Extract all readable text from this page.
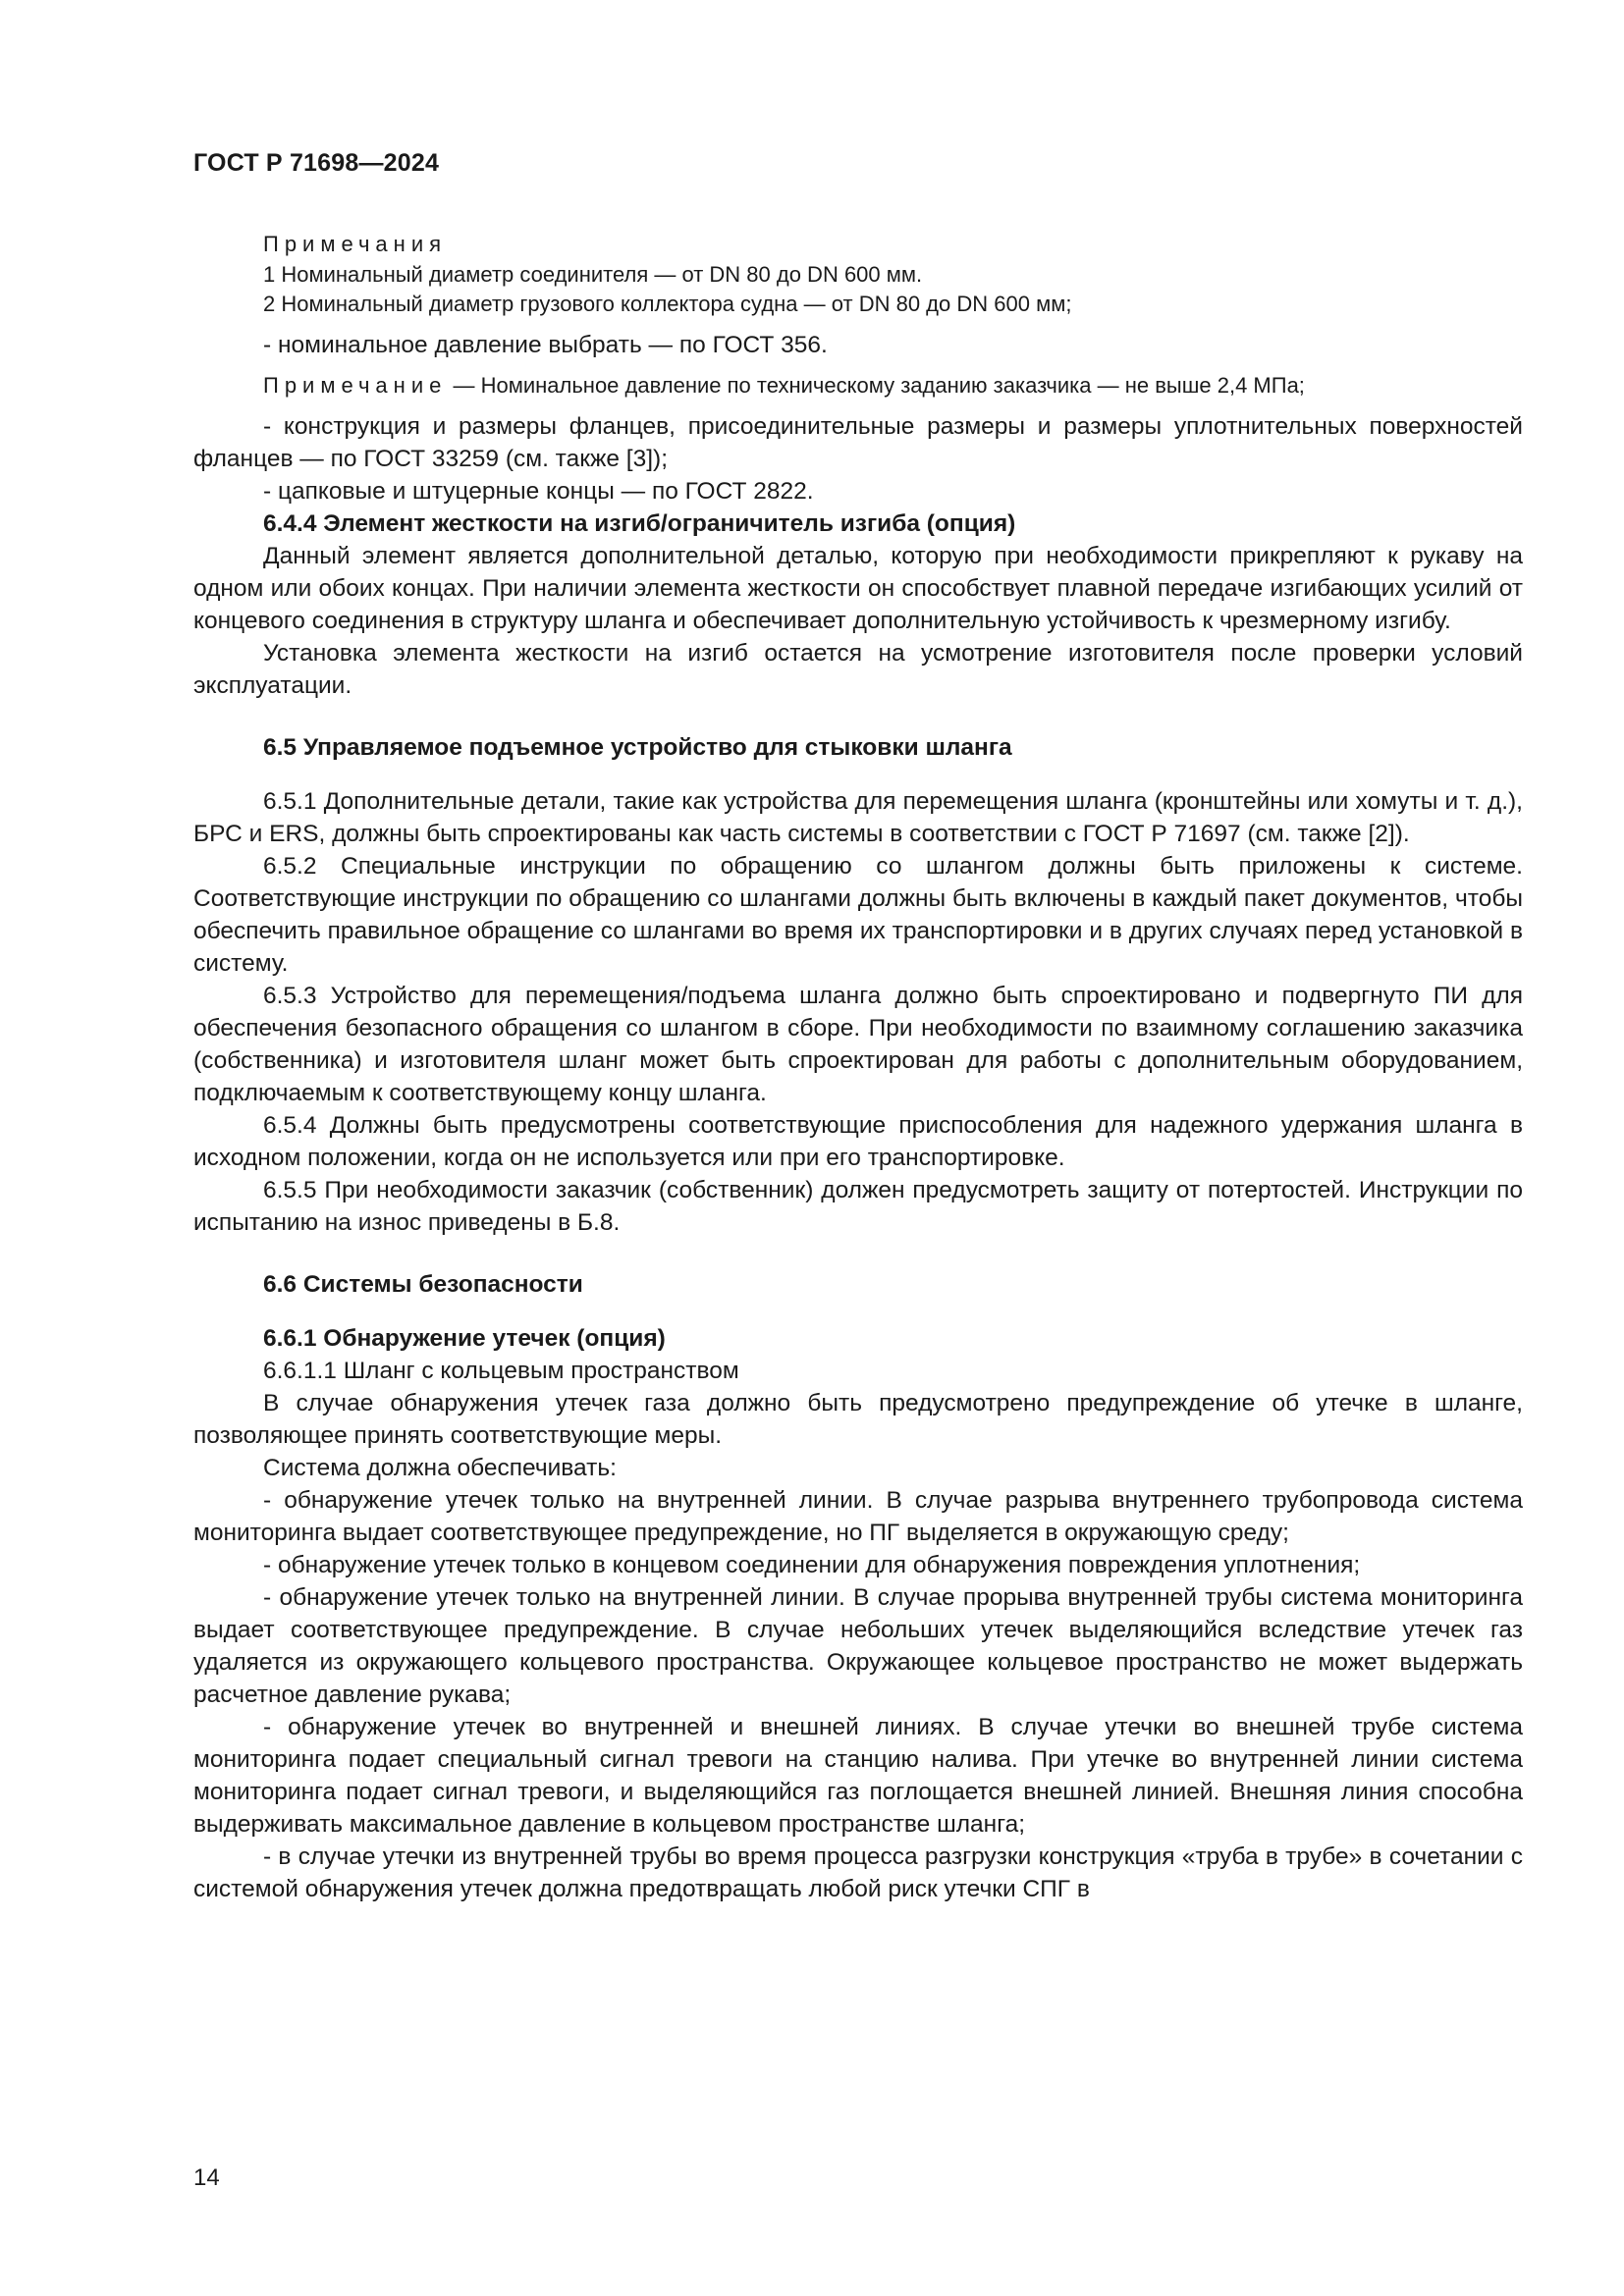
ГОСТ Р 71698—2024

Примечания

1 Номинальный диаметр соединителя — от DN 80 до DN 600 мм.

2 Номинальный диаметр грузового коллектора судна — от DN 80 до DN 600 мм;

- номинальное давление выбрать — по ГОСТ 356.

Примечание — Номинальное давление по техническому заданию заказчика — не выше 2,4 МПа;

- конструкция и размеры фланцев, присоединительные размеры и размеры уплотнительных поверхностей фланцев — по ГОСТ 33259 (см. также [3]);

- цапковые и штуцерные концы — по ГОСТ 2822.

6.4.4 Элемент жесткости на изгиб/ограничитель изгиба (опция)

Данный элемент является дополнительной деталью, которую при необходимости прикрепляют к рукаву на одном или обоих концах. При наличии элемента жесткости он способствует плавной передаче изгибающих усилий от концевого соединения в структуру шланга и обеспечивает дополнительную устойчивость к чрезмерному изгибу.

Установка элемента жесткости на изгиб остается на усмотрение изготовителя после проверки условий эксплуатации.

6.5 Управляемое подъемное устройство для стыковки шланга

6.5.1 Дополнительные детали, такие как устройства для перемещения шланга (кронштейны или хомуты и т. д.), БРС и ERS, должны быть спроектированы как часть системы в соответствии с ГОСТ Р 71697 (см. также [2]).

6.5.2 Специальные инструкции по обращению со шлангом должны быть приложены к системе. Соответствующие инструкции по обращению со шлангами должны быть включены в каждый пакет документов, чтобы обеспечить правильное обращение со шлангами во время их транспортировки и в других случаях перед установкой в систему.

6.5.3 Устройство для перемещения/подъема шланга должно быть спроектировано и подвергнуто ПИ для обеспечения безопасного обращения со шлангом в сборе. При необходимости по взаимному соглашению заказчика (собственника) и изготовителя шланг может быть спроектирован для работы с дополнительным оборудованием, подключаемым к соответствующему концу шланга.

6.5.4 Должны быть предусмотрены соответствующие приспособления для надежного удержания шланга в исходном положении, когда он не используется или при его транспортировке.

6.5.5 При необходимости заказчик (собственник) должен предусмотреть защиту от потертостей. Инструкции по испытанию на износ приведены в Б.8.

6.6 Системы безопасности

6.6.1 Обнаружение утечек (опция)

6.6.1.1 Шланг с кольцевым пространством

В случае обнаружения утечек газа должно быть предусмотрено предупреждение об утечке в шланге, позволяющее принять соответствующие меры.

Система должна обеспечивать:

- обнаружение утечек только на внутренней линии. В случае разрыва внутреннего трубопровода система мониторинга выдает соответствующее предупреждение, но ПГ выделяется в окружающую среду;

- обнаружение утечек только в концевом соединении для обнаружения повреждения уплотнения;

- обнаружение утечек только на внутренней линии. В случае прорыва внутренней трубы система мониторинга выдает соответствующее предупреждение. В случае небольших утечек выделяющийся вследствие утечек газ удаляется из окружающего кольцевого пространства. Окружающее кольцевое пространство не может выдержать расчетное давление рукава;

- обнаружение утечек во внутренней и внешней линиях. В случае утечки во внешней трубе система мониторинга подает специальный сигнал тревоги на станцию налива. При утечке во внутренней линии система мониторинга подает сигнал тревоги, и выделяющийся газ поглощается внешней линией. Внешняя линия способна выдерживать максимальное давление в кольцевом пространстве шланга;

- в случае утечки из внутренней трубы во время процесса разгрузки конструкция «труба в трубе» в сочетании с системой обнаружения утечек должна предотвращать любой риск утечки СПГ в

14
